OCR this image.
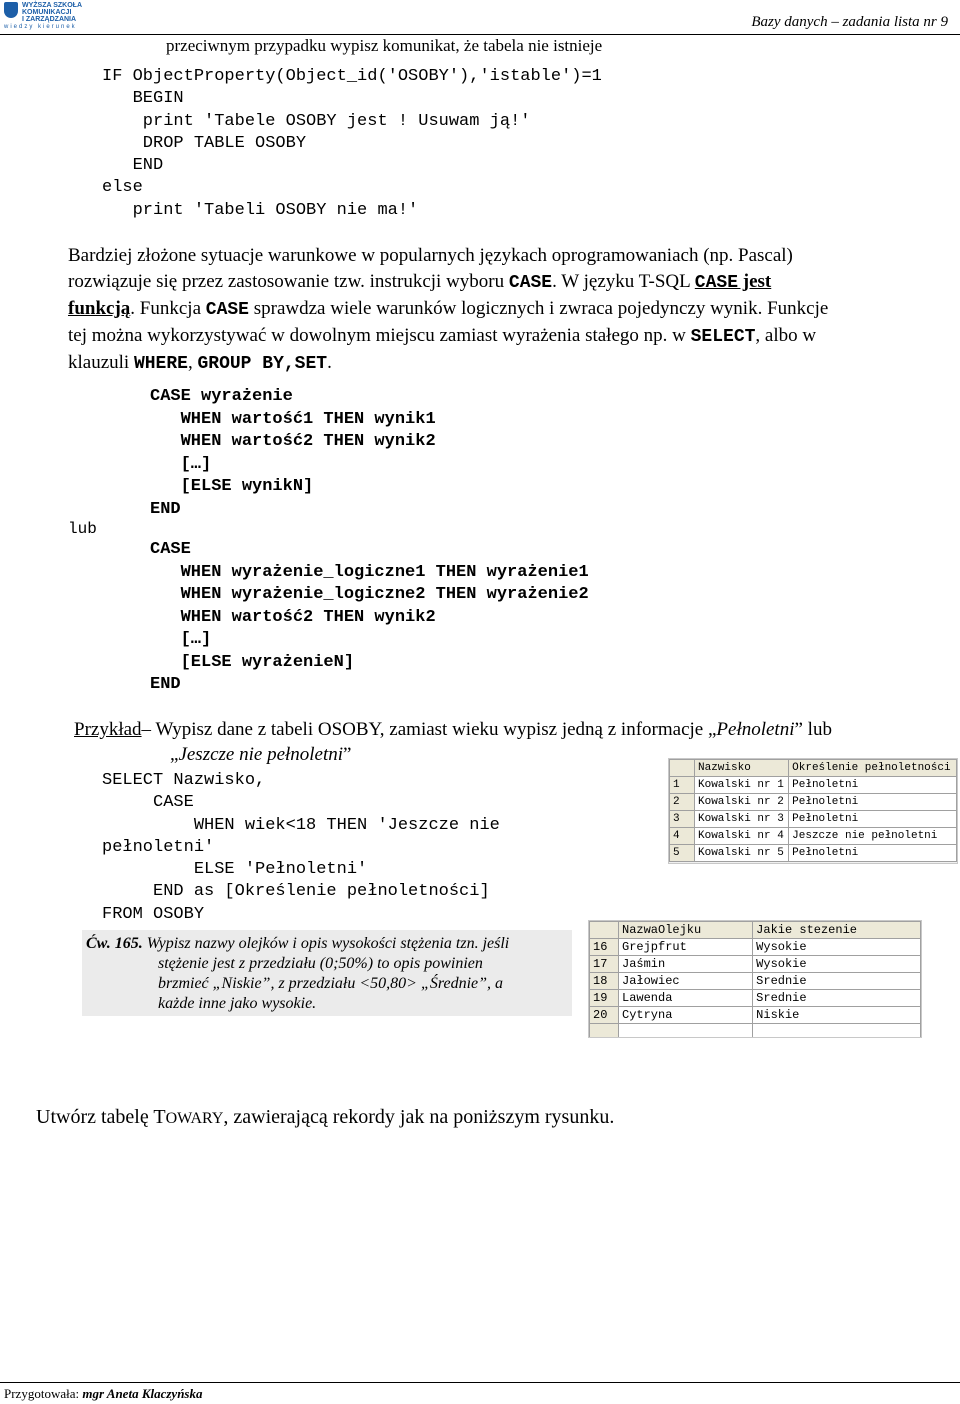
WYŻSZA SZKOŁA
KOMUNIKACJI
I ZARZĄDZANIA
wiedzy kierunek	Bazy danych – zadania lista nr 9
przeciwnym przypadku wypisz komunikat, że tabela nie istnieje
IF ObjectProperty(Object_id('OSOBY'),'istable')=1
BEGIN
print 'Tabele OSOBY jest ! Usuwam ją!'
DROP TABLE OSOBY
END
else
print 'Tabeli OSOBY nie ma!'
Bardziej złożone sytuacje warunkowe w popularnych językach oprogramowaniach (np. Pascal)
rozwiązuje się przez zastosowanie tzw. instrukcji wyboru CASE. W języku T-SQL CASE jest
funkcją. Funkcja CASE sprawdza wiele warunków logicznych i zwraca pojedynczy wynik. Funkcje
tej można wykorzystywać w dowolnym miejscu zamiast wyrażenia stałego np. w SELECT, albo w
klauzuli WHERE, GROUP BY,SET.
CASE wyrażenie
WHEN wartość1 THEN wynik1
WHEN wartość2 THEN wynik2
[…]
[ELSE wynikN]
END
lub
CASE
WHEN wyrażenie_logiczne1 THEN wyrażenie1
WHEN wyrażenie_logiczne2 THEN wyrażenie2
WHEN wartość2 THEN wynik2
[…]
[ELSE wyrażenieN]
END
Przykład– Wypisz dane z tabeli OSOBY, zamiast wieku wypisz jedną z informacje „Pełnoletni” lub
„Jeszcze nie pełnoletni”
SELECT Nazwisko,
CASE
WHEN wiek<18 THEN 'Jeszcze nie
pełnoletni'
ELSE 'Pełnoletni'
END as [Określenie pełnoletności]
FROM OSOBY
	Nazwisko	Określenie pełnoletności
1	Kowalski nr 1	Pełnoletni
2	Kowalski nr 2	Pełnoletni
3	Kowalski nr 3	Pełnoletni
4	Kowalski nr 4	Jeszcze nie pełnoletni
5	Kowalski nr 5	Pełnoletni
Ćw. 165. Wypisz nazwy olejków i opis wysokości stężenia tzn. jeśli
stężenie jest z przedziału (0;50%) to opis powinien
brzmieć „Niskie”, z przedziału <50,80> „Średnie”, a
każde inne jako wysokie.
	NazwaOlejku	Jakie stezenie
16	Grejpfrut	Wysokie
17	Jaśmin	Wysokie
18	Jałowiec	Srednie
19	Lawenda	Srednie
20	Cytryna	Niskie

Utwórz tabelę TOWARY, zawierającą rekordy jak na poniższym rysunku.
Przygotowała: mgr Aneta Klaczyńska
